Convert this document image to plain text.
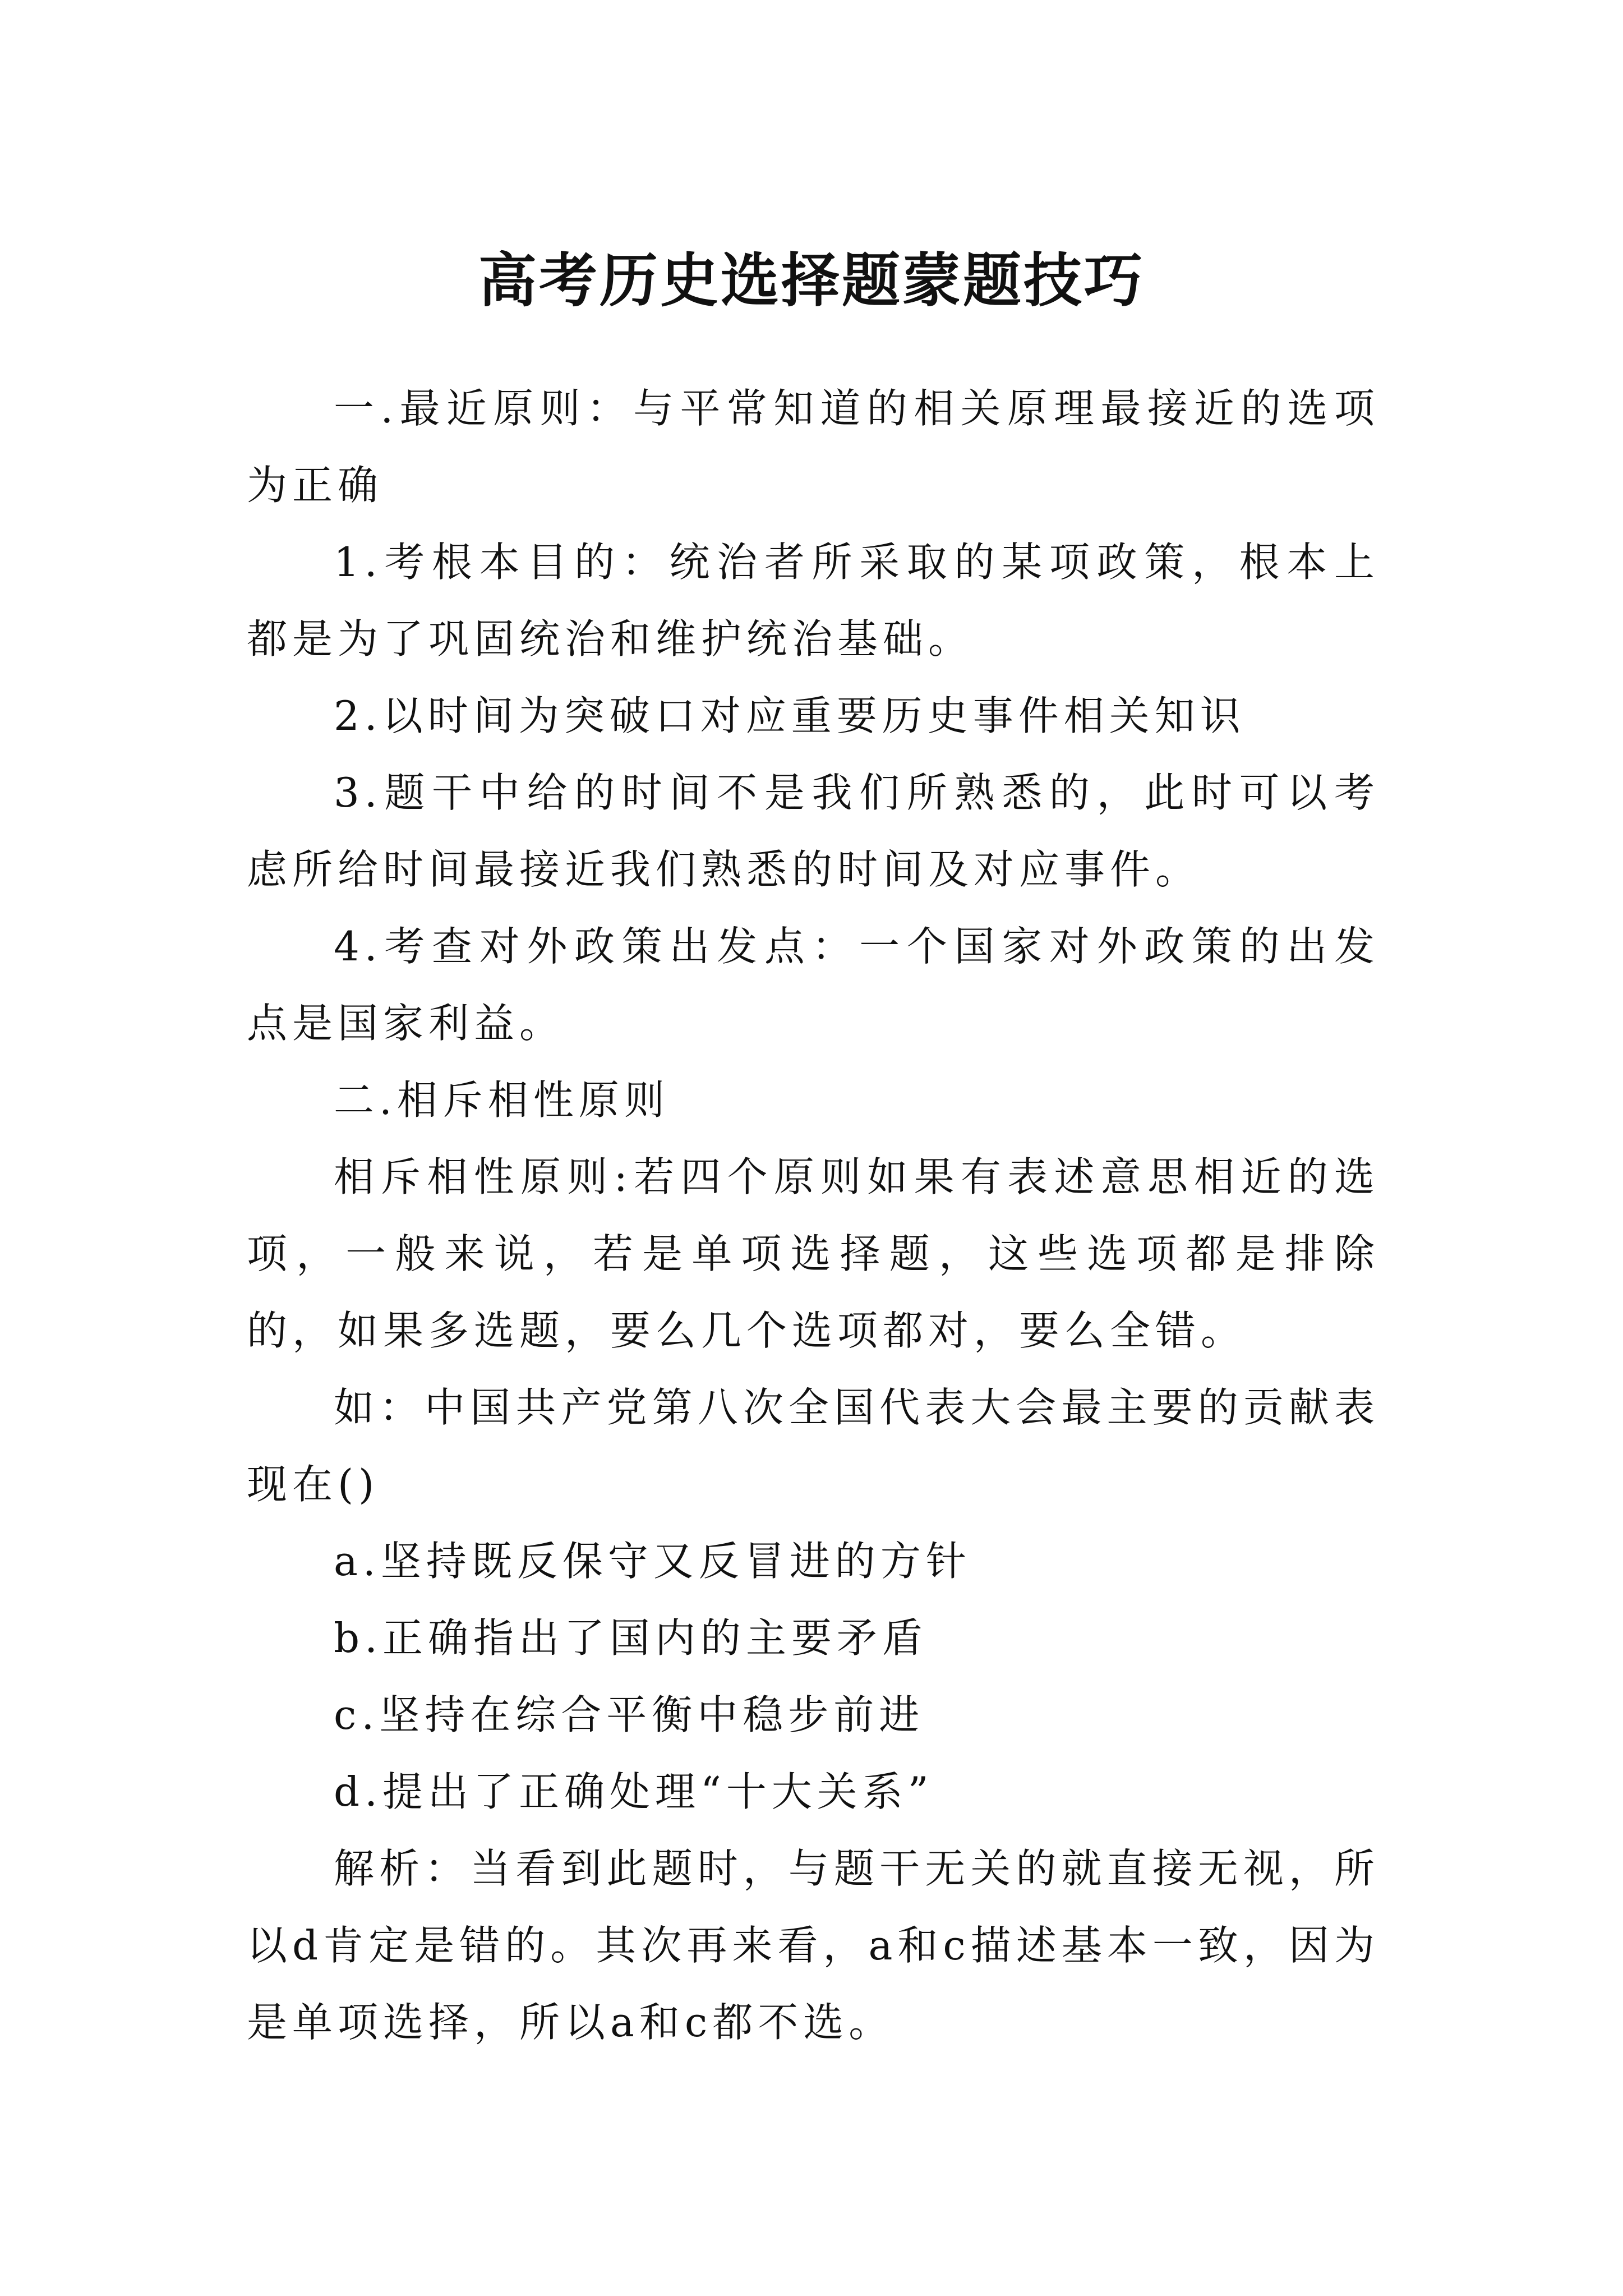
高考历史选择题蒙题技巧

一.最近原则：与平常知道的相关原理最接近的选项为正确

1.考根本目的：统治者所采取的某项政策，根本上都是为了巩固统治和维护统治基础。

2.以时间为突破口对应重要历史事件相关知识

3.题干中给的时间不是我们所熟悉的，此时可以考虑所给时间最接近我们熟悉的时间及对应事件。

4.考查对外政策出发点：一个国家对外政策的出发点是国家利益。

二.相斥相性原则

相斥相性原则:若四个原则如果有表述意思相近的选项，一般来说，若是单项选择题，这些选项都是排除的，如果多选题，要么几个选项都对，要么全错。

如：中国共产党第八次全国代表大会最主要的贡献表现在()

a.坚持既反保守又反冒进的方针

b.正确指出了国内的主要矛盾

c.坚持在综合平衡中稳步前进

d.提出了正确处理“十大关系”

解析：当看到此题时，与题干无关的就直接无视，所以d肯定是错的。其次再来看，a和c描述基本一致，因为是单项选择，所以a和c都不选。
